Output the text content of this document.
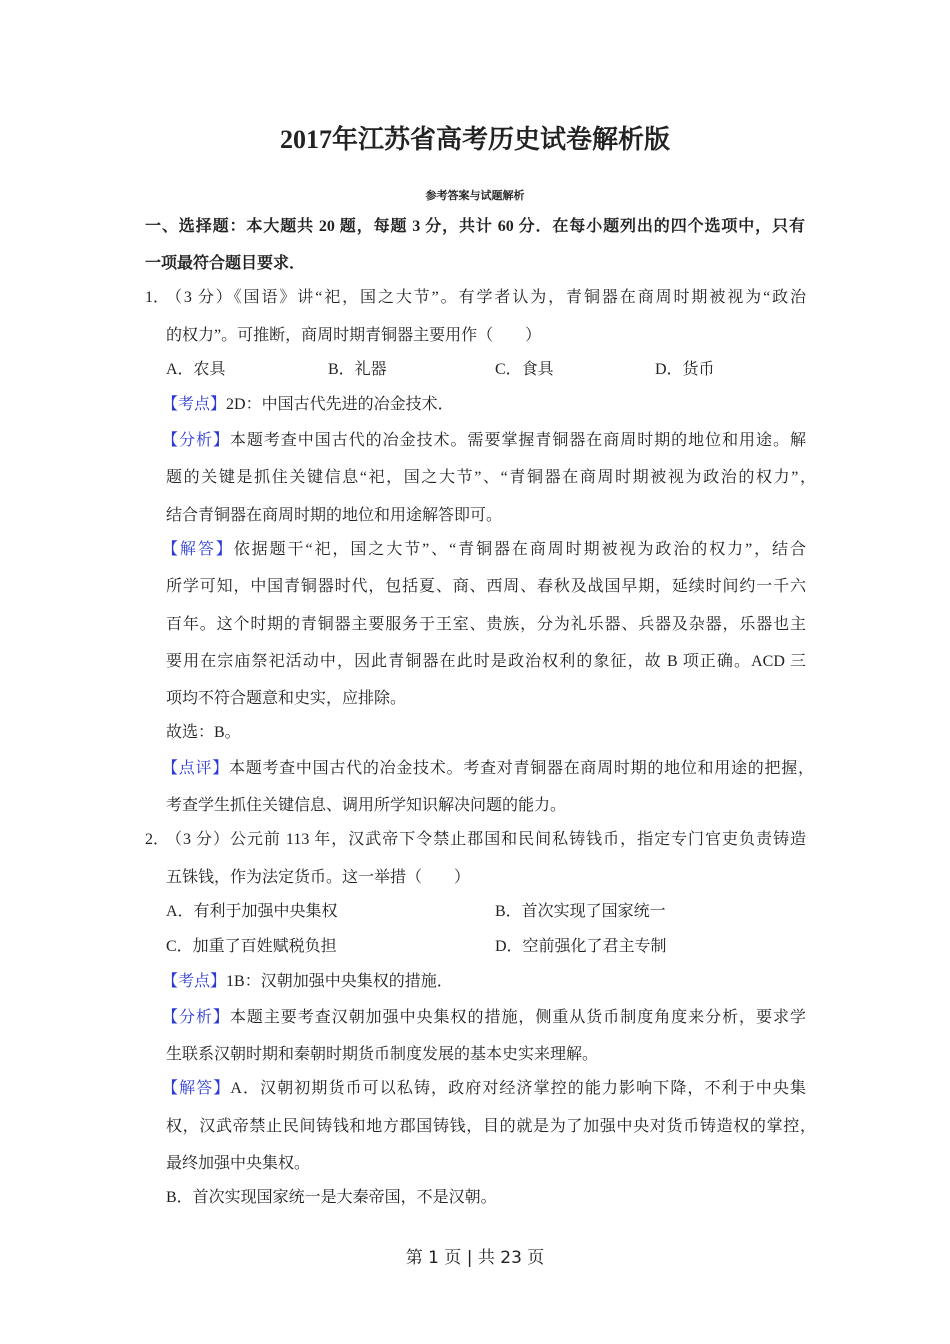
2017年江苏省高考历史试卷解析版
参考答案与试题解析
一、选择题：本大题共 20 题，每题 3 分，共计 60 分．在每小题列出的四个选项中，只有
一项最符合题目要求．
1．
（3 分）《国语》讲“祀，国之大节”。有学者认为，青铜器在商周时期被视为“政治
的权力”。可推断，商周时期青铜器主要用作（　　）
A．农具	B．礼器	C．食具	D．货币
【考点】2D：中国古代先进的冶金技术．
【分析】本题考查中国古代的冶金技术。需要掌握青铜器在商周时期的地位和用途。解
题的关键是抓住关键信息“祀，国之大节”、“青铜器在商周时期被视为政治的权力”，
结合青铜器在商周时期的地位和用途解答即可。
【解答】依据题干“祀，国之大节”、“青铜器在商周时期被视为政治的权力”，结合
所学可知，中国青铜器时代，包括夏、商、西周、春秋及战国早期，延续时间约一千六
百年。这个时期的青铜器主要服务于王室、贵族，分为礼乐器、兵器及杂器，乐器也主
要用在宗庙祭祀活动中，因此青铜器在此时是政治权利的象征，故 B 项正确。ACD 三
项均不符合题意和史实，应排除。
故选：B。
【点评】本题考查中国古代的冶金技术。考查对青铜器在商周时期的地位和用途的把握，
考查学生抓住关键信息、调用所学知识解决问题的能力。
2．
（3 分）公元前 113 年，汉武帝下令禁止郡国和民间私铸钱币，指定专门官吏负责铸造
五铢钱，作为法定货币。这一举措（　　）
A．有利于加强中央集权	B．首次实现了国家统一
C．加重了百姓赋税负担	D．空前强化了君主专制
【考点】1B：汉朝加强中央集权的措施．
【分析】本题主要考查汉朝加强中央集权的措施，侧重从货币制度角度来分析，要求学
生联系汉朝时期和秦朝时期货币制度发展的基本史实来理解。
【解答】A．汉朝初期货币可以私铸，政府对经济掌控的能力影响下降，不利于中央集
权，汉武帝禁止民间铸钱和地方郡国铸钱，目的就是为了加强中央对货币铸造权的掌控，
最终加强中央集权。
B．首次实现国家统一是大秦帝国，不是汉朝。
第 1 页 | 共 23 页
